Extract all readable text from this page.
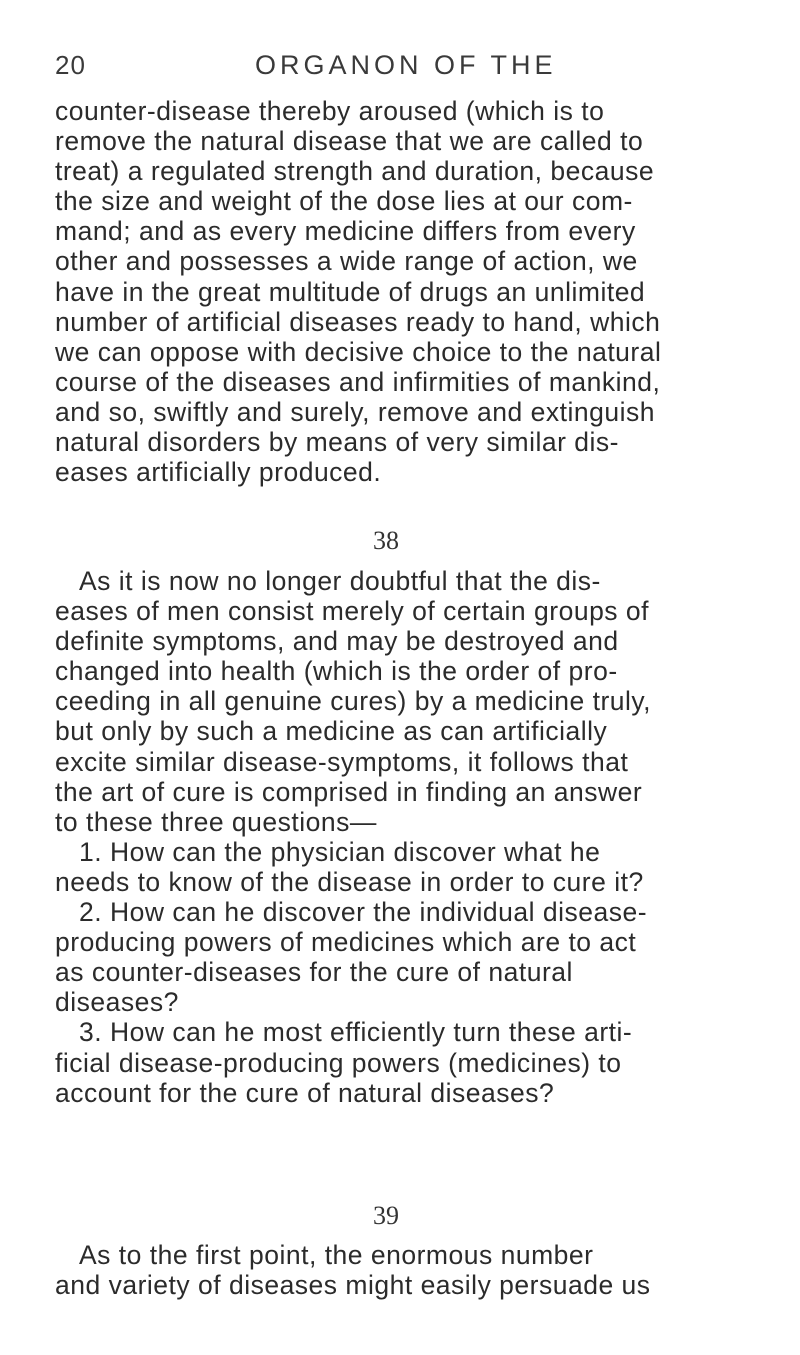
20	ORGANON OF THE
counter-disease thereby aroused (which is to
remove the natural disease that we are called to
treat) a regulated strength and duration, because
the size and weight of the dose lies at our com-
mand; and as every medicine differs from every
other and possesses a wide range of action, we
have in the great multitude of drugs an unlimited
number of artificial diseases ready to hand, which
we can oppose with decisive choice to the natural
course of the diseases and infirmities of mankind,
and so, swiftly and surely, remove and extinguish
natural disorders by means of very similar dis-
eases artificially produced.
38
As it is now no longer doubtful that the dis-
eases of men consist merely of certain groups of
definite symptoms, and may be destroyed and
changed into health (which is the order of pro-
ceeding in all genuine cures) by a medicine truly,
but only by such a medicine as can artificially
excite similar disease-symptoms, it follows that
the art of cure is comprised in finding an answer
to these three questions—
1. How can the physician discover what he
needs to know of the disease in order to cure it?
2. How can he discover the individual disease-
producing powers of medicines which are to act
as counter-diseases for the cure of natural
diseases?
3. How can he most efficiently turn these arti-
ficial disease-producing powers (medicines) to
account for the cure of natural diseases?
39
As to the first point, the enormous number
and variety of diseases might easily persuade us
